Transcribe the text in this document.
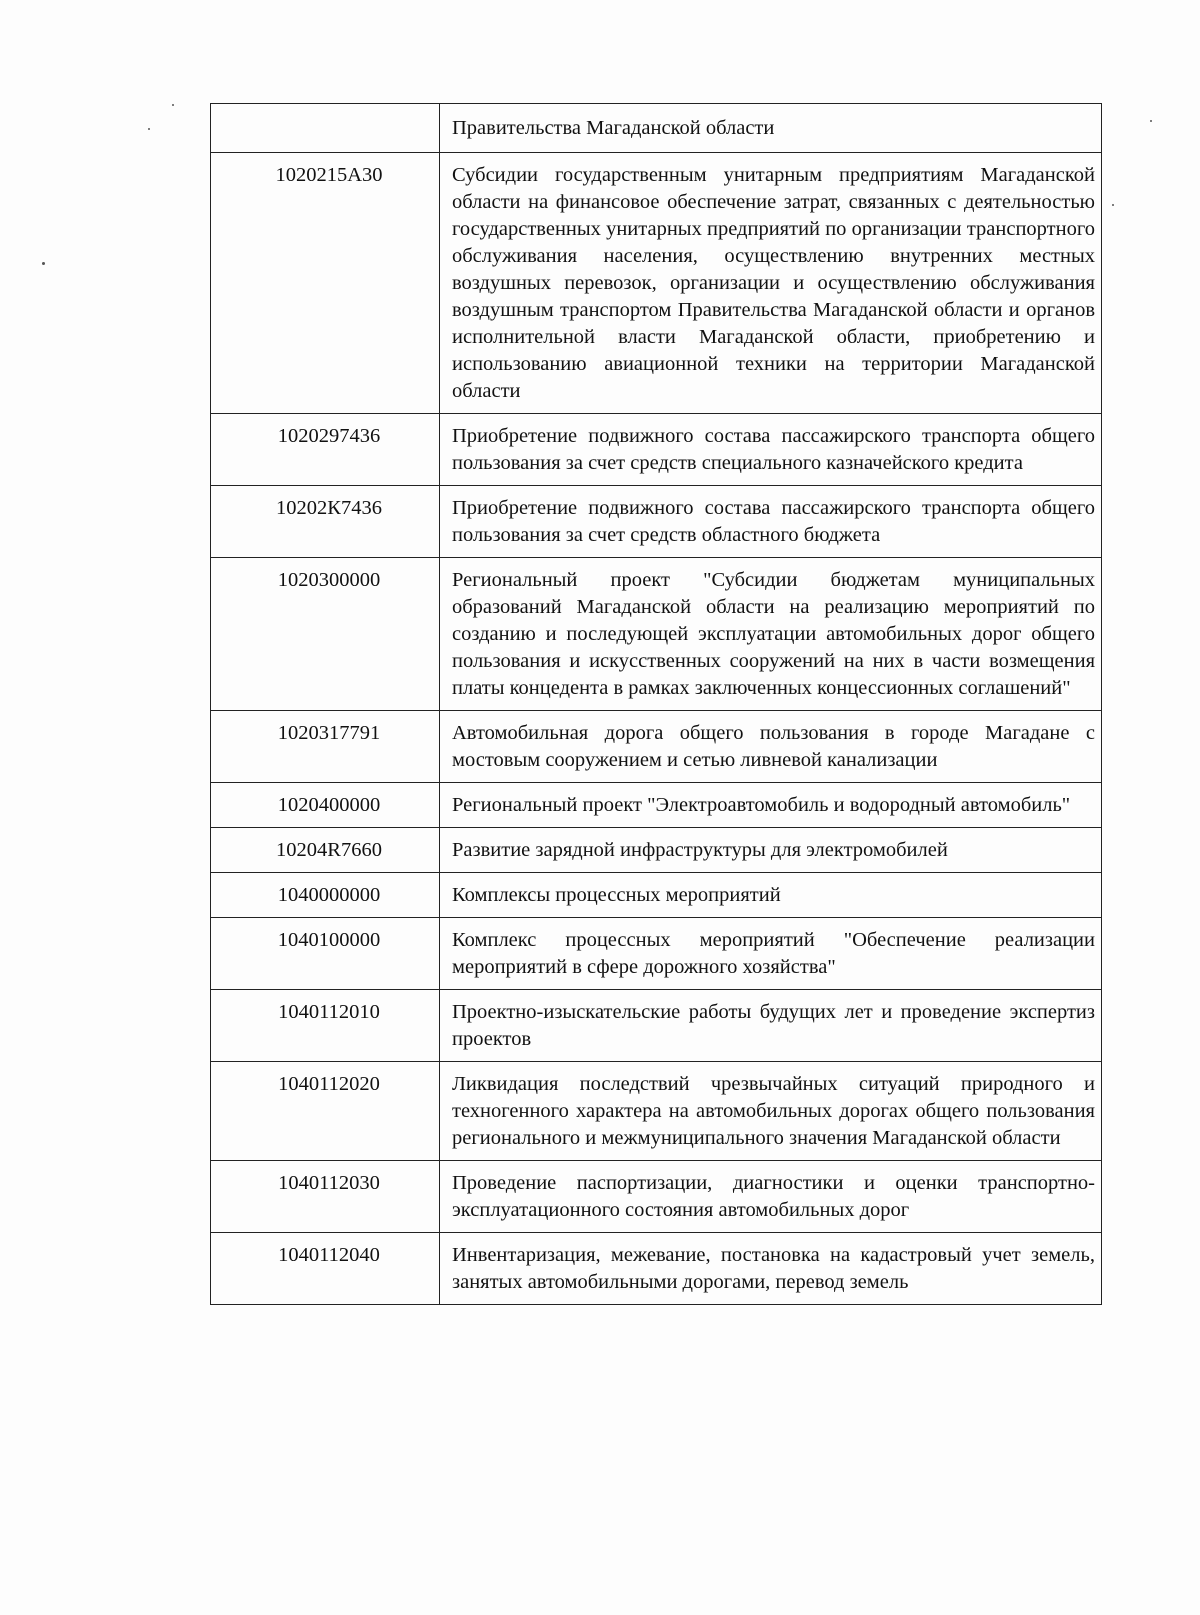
	Правительства Магаданской области

1020215А30	Субсидии государственным унитарным предприятиям Магаданской области на финансовое обеспечение затрат, связанных с деятельностью государственных унитарных предприятий по организации транспортного обслуживания населения, осуществлению внутренних местных воздушных перевозок, организации и осуществлению обслуживания воздушным транспортом Правительства Магаданской области и органов исполнительной власти Магаданской области, приобретению и использованию авиационной техники на территории Магаданской области

1020297436	Приобретение подвижного состава пассажирского транспорта общего пользования за счет средств специального казначейского кредита

10202К7436	Приобретение подвижного состава пассажирского транспорта общего пользования за счет средств областного бюджета

1020300000	Региональный проект "Субсидии бюджетам муниципальных образований Магаданской области на реализацию мероприятий по созданию и последующей эксплуатации автомобильных дорог общего пользования и искусственных сооружений на них в части возмещения платы концедента в рамках заключенных концессионных соглашений"

1020317791	Автомобильная дорога общего пользования в городе Магадане с мостовым сооружением и сетью ливневой канализации

1020400000	Региональный проект "Электроавтомобиль и водородный автомобиль"

10204R7660	Развитие зарядной инфраструктуры для электромобилей

1040000000	Комплексы процессных мероприятий

1040100000	Комплекс процессных мероприятий "Обеспечение реализации мероприятий в сфере дорожного хозяйства"

1040112010	Проектно-изыскательские работы будущих лет и проведение экспертиз проектов

1040112020	Ликвидация последствий чрезвычайных ситуаций природного и техногенного характера на автомобильных дорогах общего пользования регионального и межмуниципального значения Магаданской области

1040112030	Проведение паспортизации, диагностики и оценки транспортно-эксплуатационного состояния автомобильных дорог

1040112040	Инвентаризация, межевание, постановка на кадастровый учет земель, занятых автомобильными дорогами, перевод земель
